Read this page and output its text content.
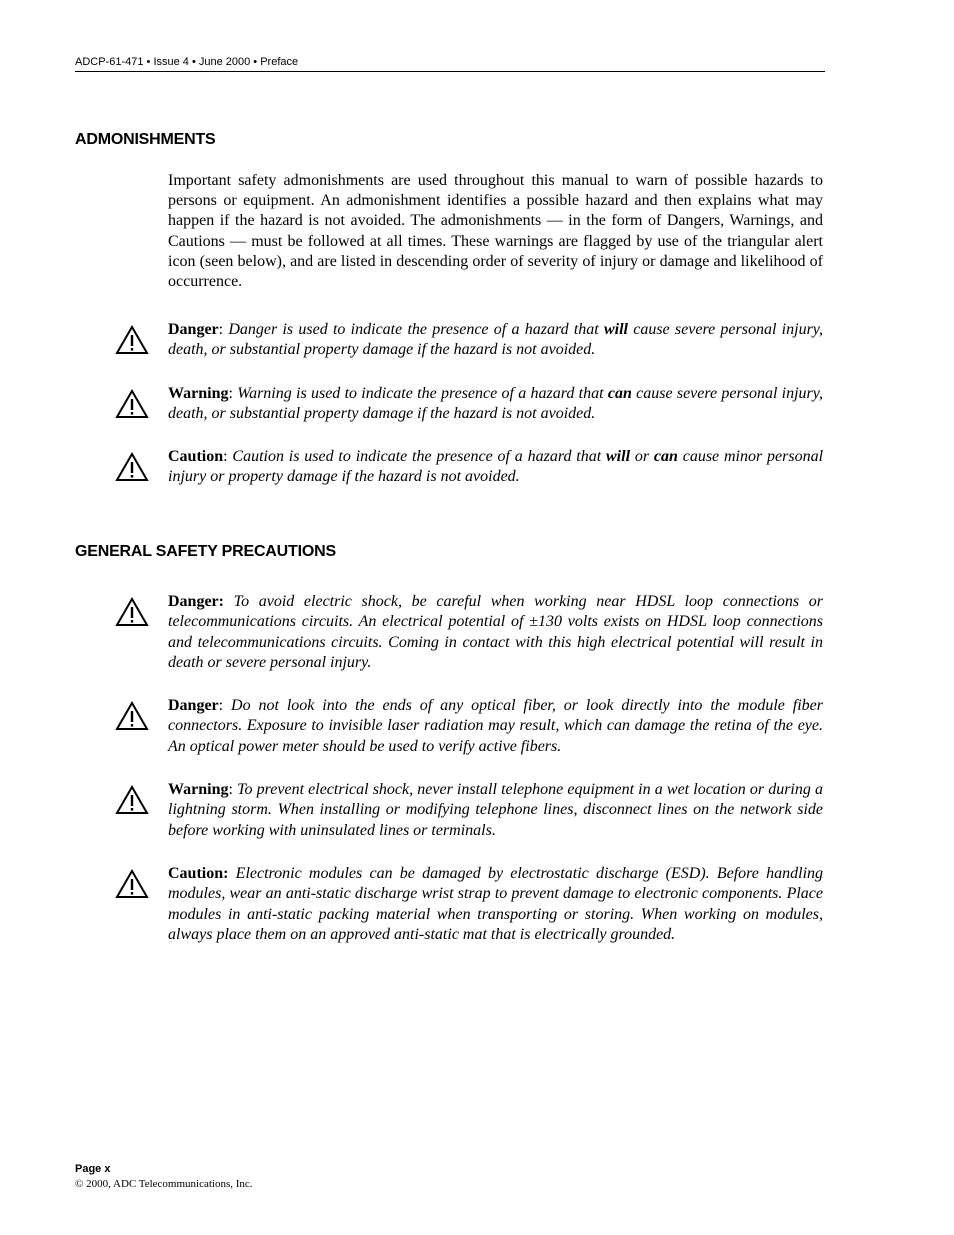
ADCP-61-471 • Issue 4 • June 2000 • Preface
ADMONISHMENTS

Important safety admonishments are used throughout this manual to warn of possible hazards to persons or equipment. An admonishment identifies a possible hazard and then explains what may happen if the hazard is not avoided. The admonishments — in the form of Dangers, Warnings, and Cautions — must be followed at all times. These warnings are flagged by use of the triangular alert icon (seen below), and are listed in descending order of severity of injury or damage and likelihood of occurrence.

Danger: Danger is used to indicate the presence of a hazard that will cause severe personal injury, death, or substantial property damage if the hazard is not avoided.

Warning: Warning is used to indicate the presence of a hazard that can cause severe personal injury, death, or substantial property damage if the hazard is not avoided.

Caution: Caution is used to indicate the presence of a hazard that will or can cause minor personal injury or property damage if the hazard is not avoided.

GENERAL SAFETY PRECAUTIONS

Danger: To avoid electric shock, be careful when working near HDSL loop connections or telecommunications circuits. An electrical potential of ±130 volts exists on HDSL loop connections and telecommunications circuits. Coming in contact with this high electrical potential will result in death or severe personal injury.

Danger: Do not look into the ends of any optical fiber, or look directly into the module fiber connectors. Exposure to invisible laser radiation may result, which can damage the retina of the eye. An optical power meter should be used to verify active fibers.

Warning: To prevent electrical shock, never install telephone equipment in a wet location or during a lightning storm. When installing or modifying telephone lines, disconnect lines on the network side before working with uninsulated lines or terminals.

Caution: Electronic modules can be damaged by electrostatic discharge (ESD). Before handling modules, wear an anti-static discharge wrist strap to prevent damage to electronic components. Place modules in anti-static packing material when transporting or storing. When working on modules, always place them on an approved anti-static mat that is electrically grounded.

Page x
© 2000, ADC Telecommunications, Inc.
